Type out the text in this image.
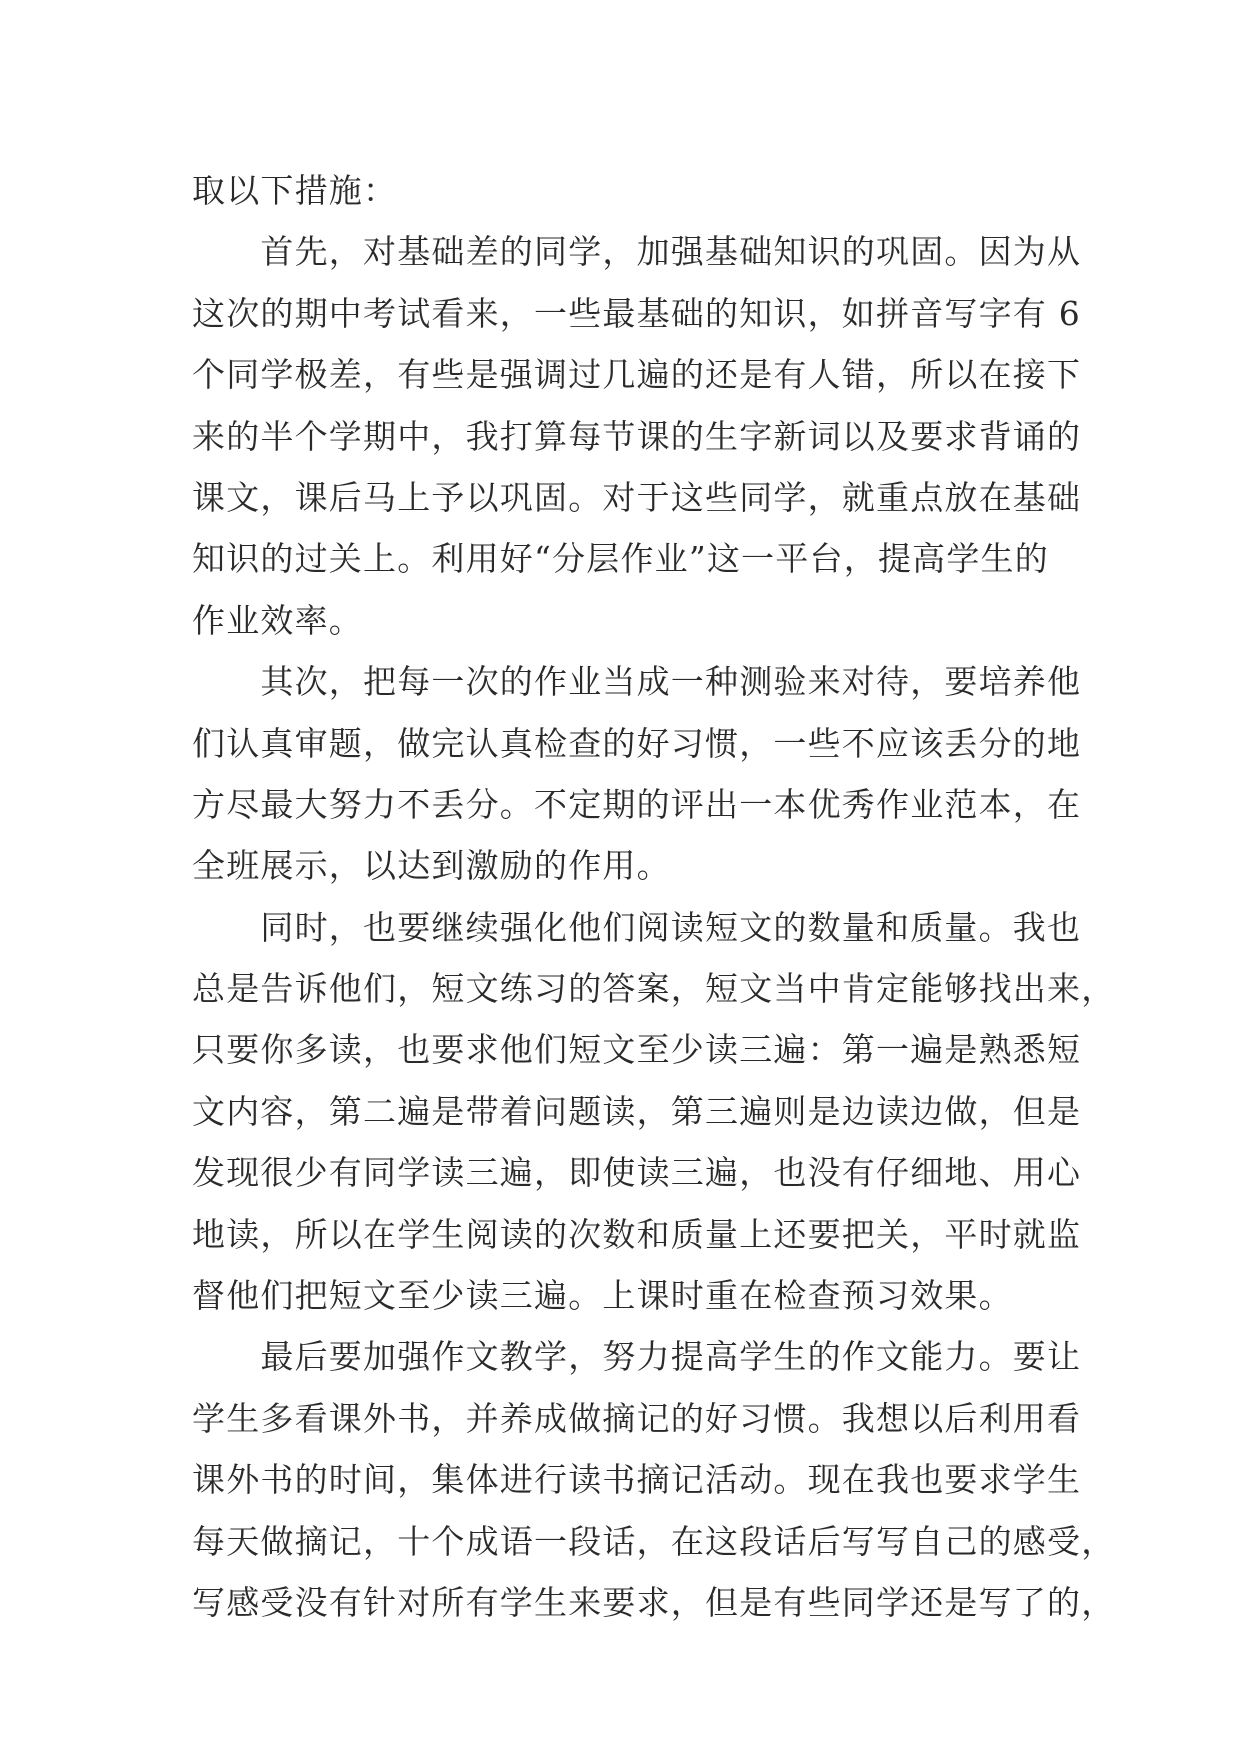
取以下措施：
　　首先，对基础差的同学，加强基础知识的巩固。因为从
这次的期中考试看来，一些最基础的知识，如拼音写字有 6
个同学极差，有些是强调过几遍的还是有人错，所以在接下
来的半个学期中，我打算每节课的生字新词以及要求背诵的
课文，课后马上予以巩固。对于这些同学，就重点放在基础
知识的过关上。利用好“分层作业”这一平台，提高学生的
作业效率。
　　其次，把每一次的作业当成一种测验来对待，要培养他
们认真审题，做完认真检查的好习惯，一些不应该丢分的地
方尽最大努力不丢分。不定期的评出一本优秀作业范本，在
全班展示，以达到激励的作用。
　　同时，也要继续强化他们阅读短文的数量和质量。我也
总是告诉他们，短文练习的答案，短文当中肯定能够找出来，
只要你多读，也要求他们短文至少读三遍：第一遍是熟悉短
文内容，第二遍是带着问题读，第三遍则是边读边做，但是
发现很少有同学读三遍，即使读三遍，也没有仔细地、用心
地读，所以在学生阅读的次数和质量上还要把关，平时就监
督他们把短文至少读三遍。上课时重在检查预习效果。
　　最后要加强作文教学，努力提高学生的作文能力。要让
学生多看课外书，并养成做摘记的好习惯。我想以后利用看
课外书的时间，集体进行读书摘记活动。现在我也要求学生
每天做摘记，十个成语一段话，在这段话后写写自己的感受，
写感受没有针对所有学生来要求，但是有些同学还是写了的，
